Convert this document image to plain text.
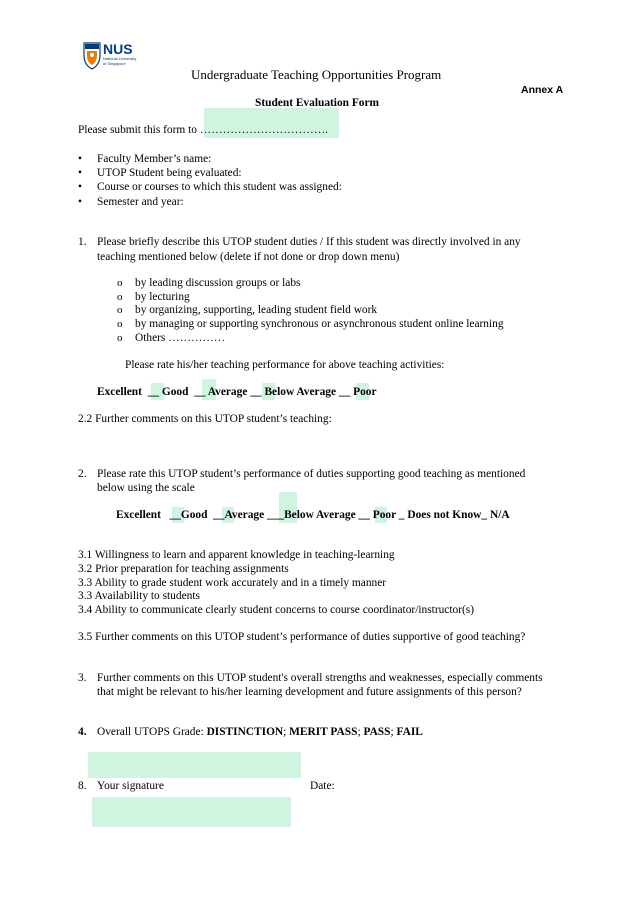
NUS
National University
of Singapore
Undergraduate Teaching Opportunities Program
Annex A
Student Evaluation Form
Please submit this form to …………………………….
• Faculty Member’s name:
• UTOP Student being evaluated:
• Course or courses to which this student was assigned:
• Semester and year:
1. Please briefly describe this UTOP student duties / If this student was directly involved in any
teaching mentioned below (delete if not done or drop down menu)
o by leading discussion groups or labs
o by lecturing
o by organizing, supporting, leading student field work
o by managing or supporting synchronous or asynchronous student online learning
o Others ……………
Please rate his/her teaching performance for above teaching activities:
Excellent  __ Good  __ Average __ Below Average __ Poor
2.2 Further comments on this UTOP student’s teaching:
2. Please rate this UTOP student’s performance of duties supporting good teaching as mentioned
below using the scale
Excellent   __Good  __Average ___Below Average __ Poor _ Does not Know_ N/A
3.1 Willingness to learn and apparent knowledge in teaching-learning
3.2 Prior preparation for teaching assignments
3.3 Ability to grade student work accurately and in a timely manner
3.3 Availability to students
3.4 Ability to communicate clearly student concerns to course coordinator/instructor(s)
3.5 Further comments on this UTOP student’s performance of duties supportive of good teaching?
3. Further comments on this UTOP student's overall strengths and weaknesses, especially comments
that might be relevant to his/her learning development and future assignments of this person?
4. Overall UTOPS Grade: DISTINCTION; MERIT PASS; PASS; FAIL
8. Your signature	Date:
